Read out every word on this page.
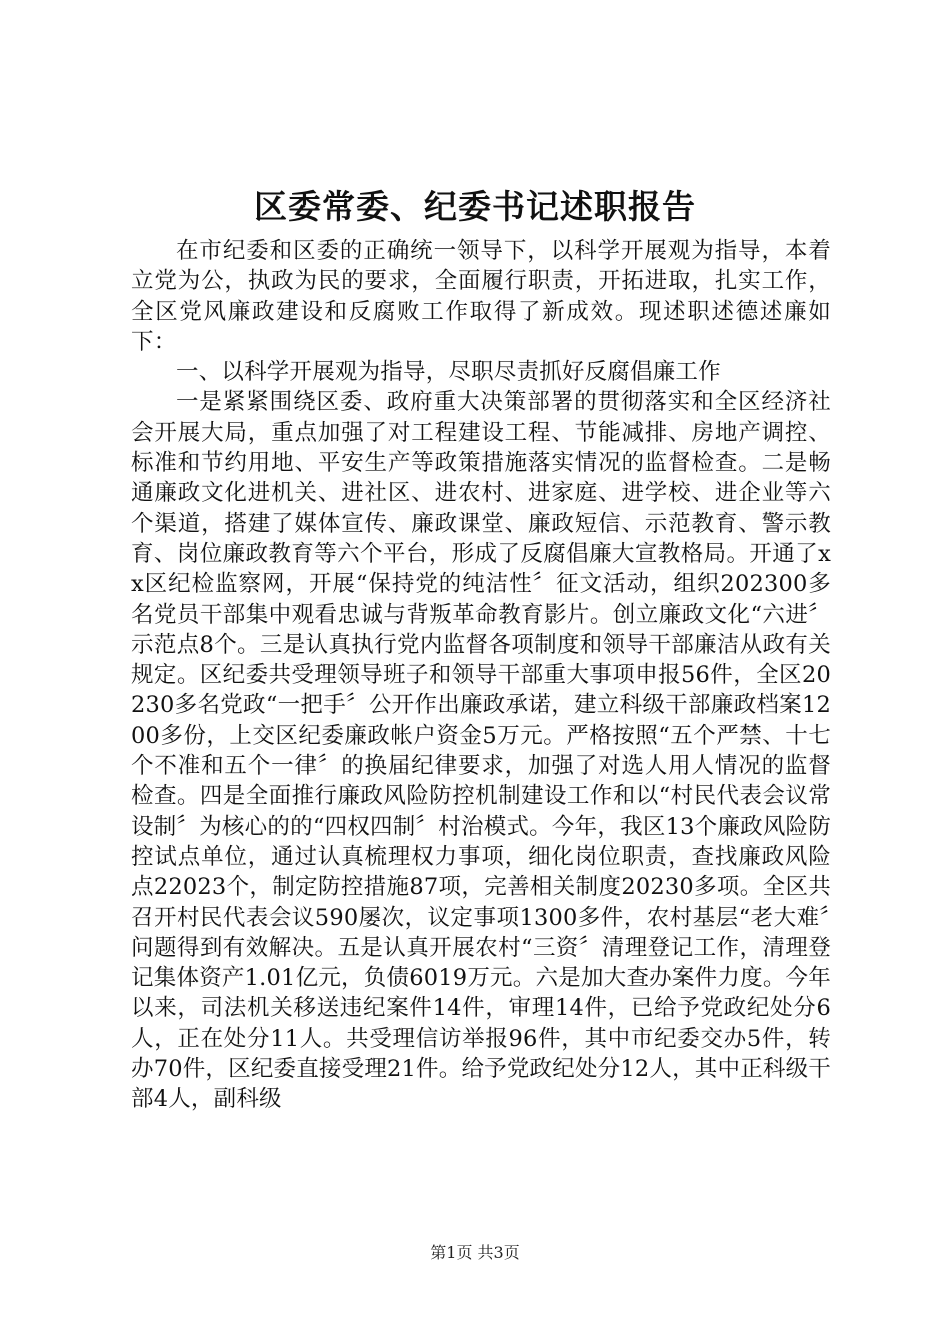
区委常委、纪委书记述职报告

在市纪委和区委的正确统一领导下，以科学开展观为指导，本着立党为公，执政为民的要求，全面履行职责，开拓进取，扎实工作，全区党风廉政建设和反腐败工作取得了新成效。现述职述德述廉如下：

一、以科学开展观为指导，尽职尽责抓好反腐倡廉工作

一是紧紧围绕区委、政府重大决策部署的贯彻落实和全区经济社会开展大局，重点加强了对工程建设工程、节能减排、房地产调控、标准和节约用地、平安生产等政策措施落实情况的监督检查。二是畅通廉政文化进机关、进社区、进农村、进家庭、进学校、进企业等六个渠道，搭建了媒体宣传、廉政课堂、廉政短信、示范教育、警示教育、岗位廉政教育等六个平台，形成了反腐倡廉大宣教格局。开通了xx区纪检监察网，开展“保持党的纯洁性〞征文活动，组织202300多名党员干部集中观看忠诚与背叛革命教育影片。创立廉政文化“六进〞示范点8个。三是认真执行党内监督各项制度和领导干部廉洁从政有关规定。区纪委共受理领导班子和领导干部重大事项申报56件，全区20230多名党政“一把手〞公开作出廉政承诺，建立科级干部廉政档案1200多份，上交区纪委廉政帐户资金5万元。严格按照“五个严禁、十七个不准和五个一律〞的换届纪律要求，加强了对选人用人情况的监督检查。四是全面推行廉政风险防控机制建设工作和以“村民代表会议常设制〞为核心的的“四权四制〞村治模式。今年，我区13个廉政风险防控试点单位，通过认真梳理权力事项，细化岗位职责，查找廉政风险点22023个，制定防控措施87项，完善相关制度20230多项。全区共召开村民代表会议590屡次，议定事项1300多件，农村基层“老大难〞问题得到有效解决。五是认真开展农村“三资〞清理登记工作，清理登记集体资产1.01亿元，负债6019万元。六是加大查办案件力度。今年以来，司法机关移送违纪案件14件，审理14件，已给予党政纪处分6人，正在处分11人。共受理信访举报96件，其中市纪委交办5件，转办70件，区纪委直接受理21件。给予党政纪处分12人，其中正科级干部4人，副科级

第1页 共3页
